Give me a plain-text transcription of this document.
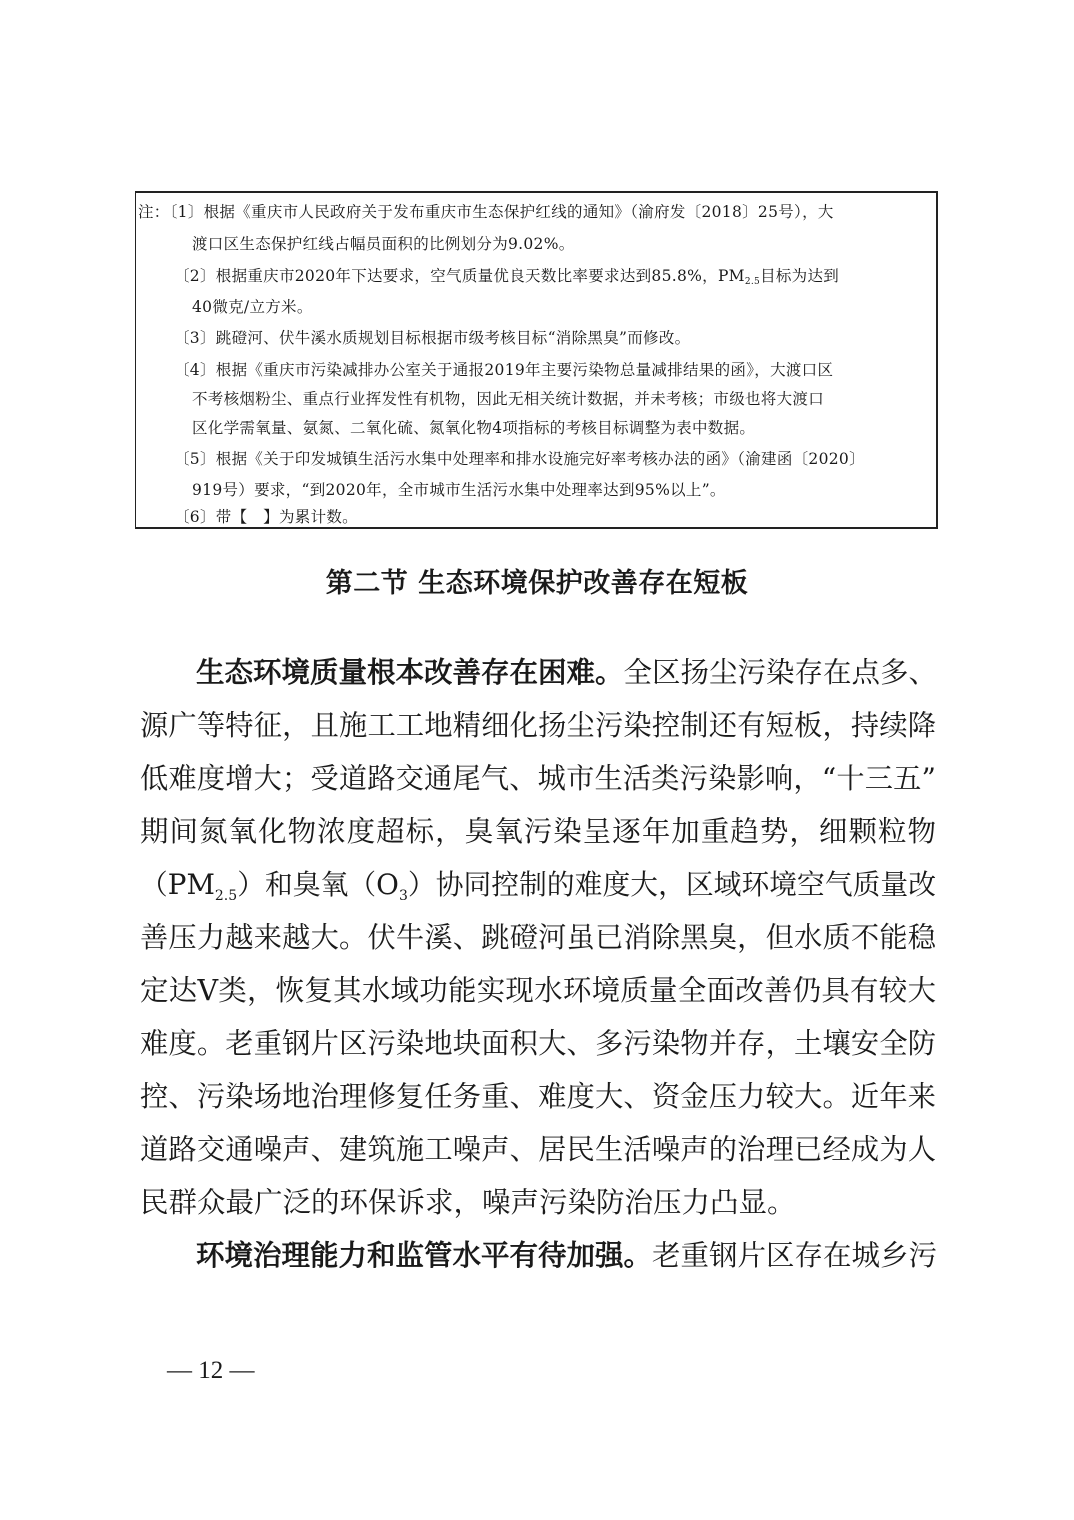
注：〔1〕根据《重庆市人民政府关于发布重庆市生态保护红线的通知》（渝府发〔2018〕25号），大
渡口区生态保护红线占幅员面积的比例划分为9.02%。
〔2〕根据重庆市2020年下达要求，空气质量优良天数比率要求达到85.8%，$PM_{2.5}$目标为达到
40微克/立方米。
〔3〕跳磴河、伏牛溪水质规划目标根据市级考核目标“消除黑臭”而修改。
〔4〕根据《重庆市污染减排办公室关于通报2019年主要污染物总量减排结果的函》，大渡口区
不考核烟粉尘、重点行业挥发性有机物，因此无相关统计数据，并未考核；市级也将大渡口
区化学需氧量、氨氮、二氧化硫、氮氧化物4项指标的考核目标调整为表中数据。
〔5〕根据《关于印发城镇生活污水集中处理率和排水设施完好率考核办法的函》（渝建函〔2020〕
919号）要求，“到2020年，全市城市生活污水集中处理率达到95%以上”。
〔6〕带【　】为累计数。
第二节 生态环境保护改善存在短板
生态环境质量根本改善存在困难。全区扬尘污染存在点多、
源广等特征，且施工工地精细化扬尘污染控制还有短板，持续降
低难度增大；受道路交通尾气、城市生活类污染影响，“十三五”
期间氮氧化物浓度超标，臭氧污染呈逐年加重趋势，细颗粒物
$(PM_{2.5})$和臭氧$(O_3)$协同控制的难度大，区域环境空气质量改
善压力越来越大。伏牛溪、跳磴河虽已消除黑臭，但水质不能稳
定达Ⅴ类，恢复其水域功能实现水环境质量全面改善仍具有较大
难度。老重钢片区污染地块面积大、多污染物并存，土壤安全防
控、污染场地治理修复任务重、难度大、资金压力较大。近年来
道路交通噪声、建筑施工噪声、居民生活噪声的治理已经成为人
民群众最广泛的环保诉求，噪声污染防治压力凸显。
环境治理能力和监管水平有待加强。老重钢片区存在城乡污
— 12 —
